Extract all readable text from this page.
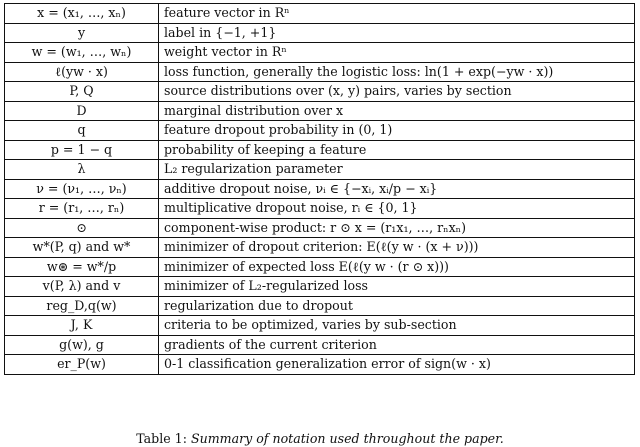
x = (x₁, …, xₙ)	feature vector in Rⁿ
y	label in {−1, +1}
w = (w₁, …, wₙ)	weight vector in Rⁿ
ℓ(yw · x)	loss function, generally the logistic loss: ln(1 + exp(−yw · x))
P, Q	source distributions over (x, y) pairs, varies by section
D	marginal distribution over x
q	feature dropout probability in (0, 1)
p = 1 − q	probability of keeping a feature
λ	L₂ regularization parameter
ν = (ν₁, …, νₙ)	additive dropout noise, νᵢ ∈ {−xᵢ, xᵢ/p − xᵢ}
r = (r₁, …, rₙ)	multiplicative dropout noise, rᵢ ∈ {0, 1}
⊙	component-wise product: r ⊙ x = (r₁x₁, …, rₙxₙ)
w*(P, q) and w*	minimizer of dropout criterion: E(ℓ(y w · (x + ν)))
w⊛ = w*/p	minimizer of expected loss E(ℓ(y w · (r ⊙ x)))
v(P, λ) and v	minimizer of L₂-regularized loss
reg_D,q(w)	regularization due to dropout
J, K	criteria to be optimized, varies by sub-section
g(w), g	gradients of the current criterion
er_P(w)	0-1 classification generalization error of sign(w · x)
Table 1: Summary of notation used throughout the paper.
